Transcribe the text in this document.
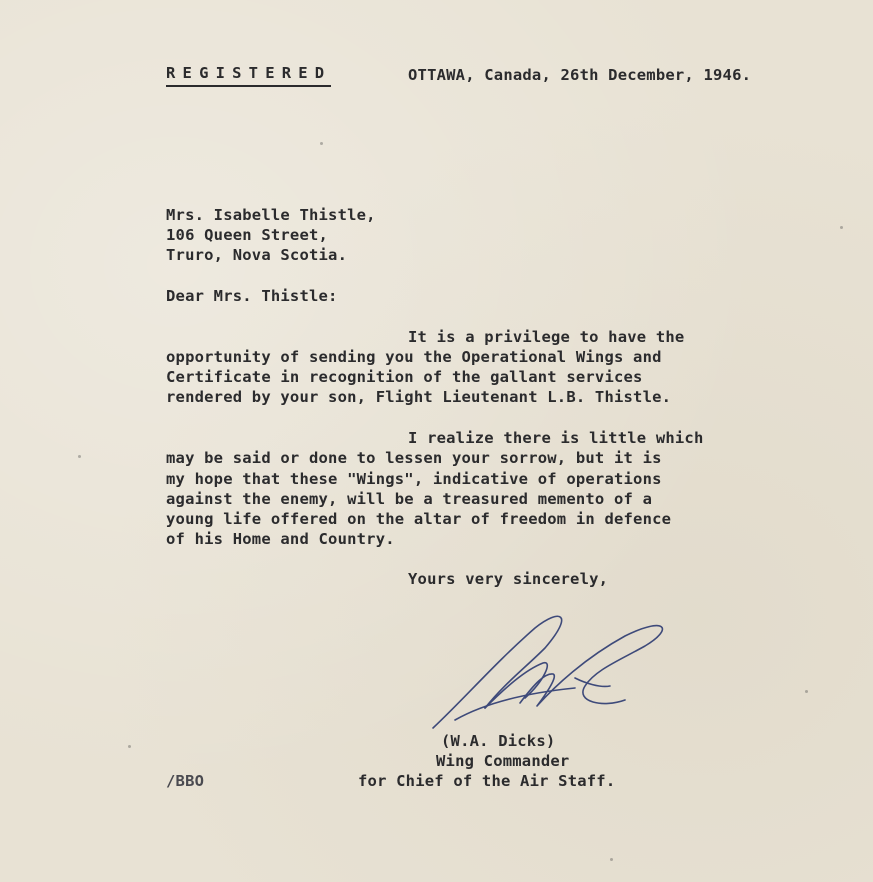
REGISTERED	OTTAWA, Canada, 26th December, 1946.
Mrs. Isabelle Thistle,
106 Queen Street,
Truro, Nova Scotia.
Dear Mrs. Thistle:
It is a privilege to have the
opportunity of sending you the Operational Wings and
Certificate in recognition of the gallant services
rendered by your son, Flight Lieutenant L.B. Thistle.
I realize there is little which
may be said or done to lessen your sorrow, but it is
my hope that these "Wings", indicative of operations
against the enemy, will be a treasured memento of a
young life offered on the altar of freedom in defence
of his Home and Country.
Yours very sincerely,
(W.A. Dicks)
Wing Commander
for Chief of the Air Staff.
/BBO
